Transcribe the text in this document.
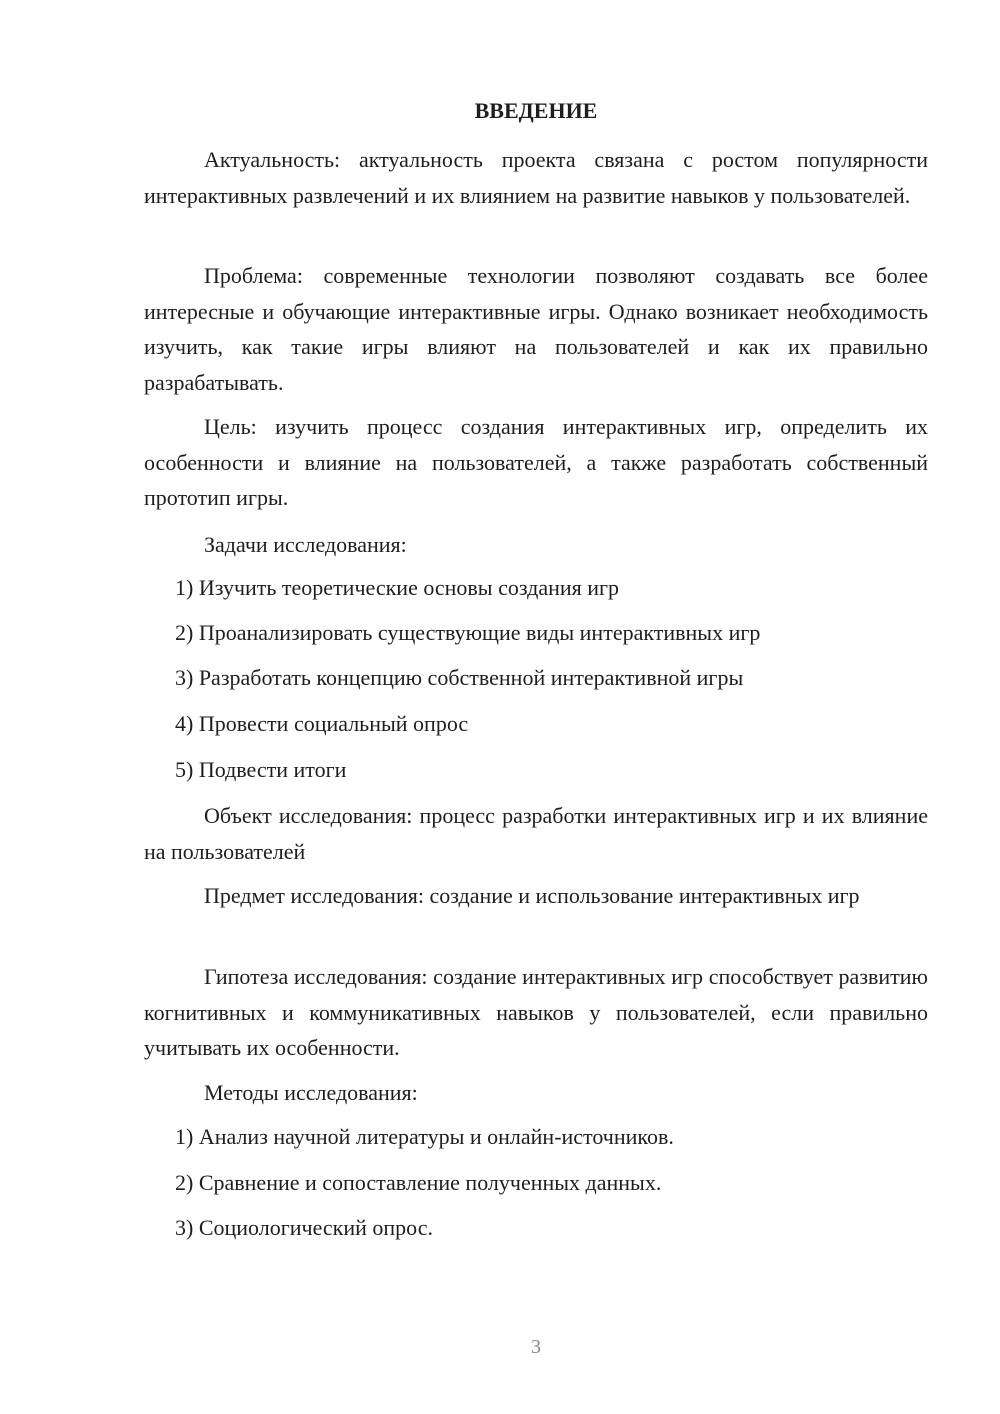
ВВЕДЕНИЕ

Актуальность: актуальность проекта связана с ростом популярности интерактивных развлечений и их влиянием на развитие навыков у пользователей.

Проблема: современные технологии позволяют создавать все более интересные и обучающие интерактивные игры. Однако возникает необходимость изучить, как такие игры влияют на пользователей и как их правильно разрабатывать.

Цель: изучить процесс создания интерактивных игр, определить их особенности и влияние на пользователей, а также разработать собственный прототип игры.

Задачи исследования:

1) Изучить теоретические основы создания игр

2) Проанализировать существующие виды интерактивных игр

3) Разработать концепцию собственной интерактивной игры

4) Провести социальный опрос

5) Подвести итоги

Объект исследования: процесс разработки интерактивных игр и их влияние на пользователей

Предмет исследования: создание и использование интерактивных игр

Гипотеза исследования: создание интерактивных игр способствует развитию когнитивных и коммуникативных навыков у пользователей, если правильно учитывать их особенности.

Методы исследования:

1) Анализ научной литературы и онлайн-источников.

2) Сравнение и сопоставление полученных данных.

3) Социологический опрос.

3
